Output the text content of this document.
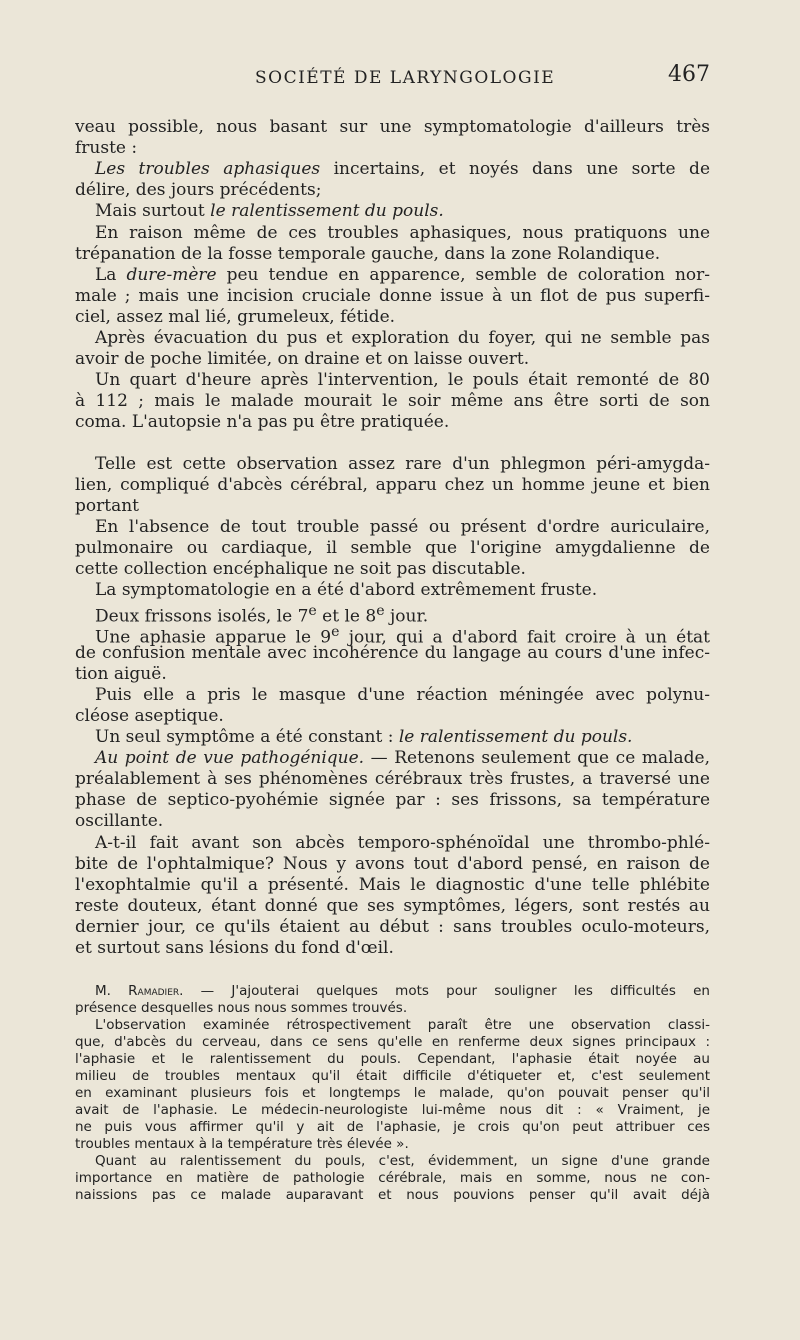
SOCIÉTÉ DE LARYNGOLOGIE	467
veau possible, nous basant sur une symptomatologie d'ailleurs très
fruste :
Les troubles aphasiques incertains, et noyés dans une sorte de
délire, des jours précédents;
Mais surtout le ralentissement du pouls.
En raison même de ces troubles aphasiques, nous pratiquons une
trépanation de la fosse temporale gauche, dans la zone Rolandique.
La dure-mère peu tendue en apparence, semble de coloration nor-
male ; mais une incision cruciale donne issue à un flot de pus superfi-
ciel, assez mal lié, grumeleux, fétide.
Après évacuation du pus et exploration du foyer, qui ne semble pas
avoir de poche limitée, on draine et on laisse ouvert.
Un quart d'heure après l'intervention, le pouls était remonté de 80
à 112 ; mais le malade mourait le soir même ans être sorti de son
coma. L'autopsie n'a pas pu être pratiquée.
Telle est cette observation assez rare d'un phlegmon péri-amygda-
lien, compliqué d'abcès cérébral, apparu chez un homme jeune et bien
portant
En l'absence de tout trouble passé ou présent d'ordre auriculaire,
pulmonaire ou cardiaque, il semble que l'origine amygdalienne de
cette collection encéphalique ne soit pas discutable.
La symptomatologie en a été d'abord extrêmement fruste.
Deux frissons isolés, le 7e et le 8e jour.
Une aphasie apparue le 9e jour, qui a d'abord fait croire à un état
de confusion mentale avec incohérence du langage au cours d'une infec-
tion aiguë.
Puis elle a pris le masque d'une réaction méningée avec polynu-
cléose aseptique.
Un seul symptôme a été constant : le ralentissement du pouls.
Au point de vue pathogénique. — Retenons seulement que ce malade,
préalablement à ses phénomènes cérébraux très frustes, a traversé une
phase de septico-pyohémie signée par : ses frissons, sa température
oscillante.
A-t-il fait avant son abcès temporo-sphénoïdal une thrombo-phlé-
bite de l'ophtalmique? Nous y avons tout d'abord pensé, en raison de
l'exophtalmie qu'il a présenté. Mais le diagnostic d'une telle phlébite
reste douteux, étant donné que ses symptômes, légers, sont restés au
dernier jour, ce qu'ils étaient au début : sans troubles oculo-moteurs,
et surtout sans lésions du fond d'œil.
M. Ramadier. — J'ajouterai quelques mots pour souligner les difficultés en
présence desquelles nous nous sommes trouvés.
L'observation examinée rétrospectivement paraît être une observation classi-
que, d'abcès du cerveau, dans ce sens qu'elle en renferme deux signes principaux :
l'aphasie et le ralentissement du pouls. Cependant, l'aphasie était noyée au
milieu de troubles mentaux qu'il était difficile d'étiqueter et, c'est seulement
en examinant plusieurs fois et longtemps le malade, qu'on pouvait penser qu'il
avait de l'aphasie. Le médecin-neurologiste lui-même nous dit : « Vraiment, je
ne puis vous affirmer qu'il y ait de l'aphasie, je crois qu'on peut attribuer ces
troubles mentaux à la température très élevée ».
Quant au ralentissement du pouls, c'est, évidemment, un signe d'une grande
importance en matière de pathologie cérébrale, mais en somme, nous ne con-
naissions pas ce malade auparavant et nous pouvions penser qu'il avait déjà
